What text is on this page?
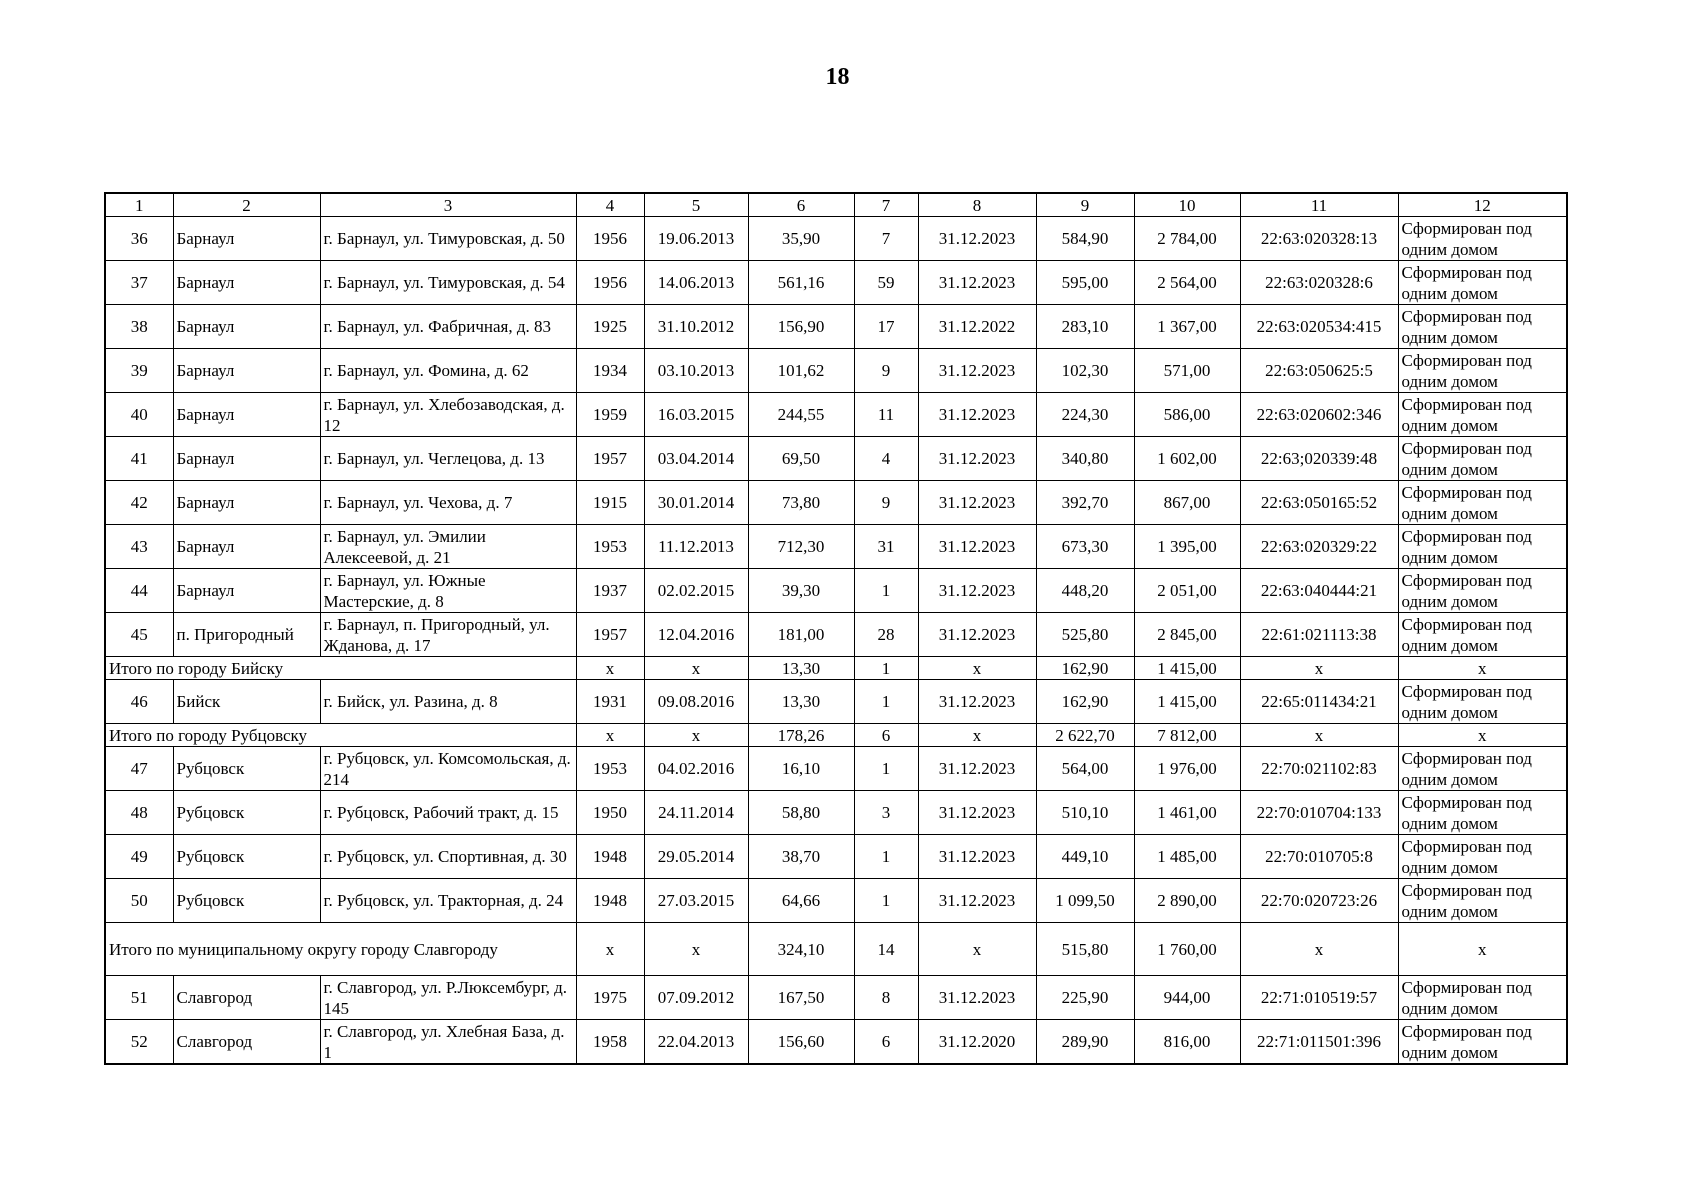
18
1	2	3	4	5	6	7	8	9	10	11	12
36	Барнаул	г. Барнаул, ул. Тимуровская, д. 50	1956	19.06.2013	35,90	7	31.12.2023	584,90	2 784,00	22:63:020328:13	Сформирован под одним домом
37	Барнаул	г. Барнаул, ул. Тимуровская, д. 54	1956	14.06.2013	561,16	59	31.12.2023	595,00	2 564,00	22:63:020328:6	Сформирован под одним домом
38	Барнаул	г. Барнаул, ул. Фабричная, д. 83	1925	31.10.2012	156,90	17	31.12.2022	283,10	1 367,00	22:63:020534:415	Сформирован под одним домом
39	Барнаул	г. Барнаул, ул. Фомина, д. 62	1934	03.10.2013	101,62	9	31.12.2023	102,30	571,00	22:63:050625:5	Сформирован под одним домом
40	Барнаул	г. Барнаул, ул. Хлебозаводская, д. 12	1959	16.03.2015	244,55	11	31.12.2023	224,30	586,00	22:63:020602:346	Сформирован под одним домом
41	Барнаул	г. Барнаул, ул. Чеглецова, д. 13	1957	03.04.2014	69,50	4	31.12.2023	340,80	1 602,00	22:63;020339:48	Сформирован под одним домом
42	Барнаул	г. Барнаул, ул. Чехова, д. 7	1915	30.01.2014	73,80	9	31.12.2023	392,70	867,00	22:63:050165:52	Сформирован под одним домом
43	Барнаул	г. Барнаул, ул. Эмилии Алексеевой, д. 21	1953	11.12.2013	712,30	31	31.12.2023	673,30	1 395,00	22:63:020329:22	Сформирован под одним домом
44	Барнаул	г. Барнаул, ул. Южные Мастерские, д. 8	1937	02.02.2015	39,30	1	31.12.2023	448,20	2 051,00	22:63:040444:21	Сформирован под одним домом
45	п. Пригородный	г. Барнаул, п. Пригородный, ул. Жданова, д. 17	1957	12.04.2016	181,00	28	31.12.2023	525,80	2 845,00	22:61:021113:38	Сформирован под одним домом
Итого по городу Бийску			х	х	13,30	1	х	162,90	1 415,00	х	х
46	Бийск	г. Бийск, ул. Разина, д. 8	1931	09.08.2016	13,30	1	31.12.2023	162,90	1 415,00	22:65:011434:21	Сформирован под одним домом
Итого по городу Рубцовску			х	х	178,26	6	х	2 622,70	7 812,00	х	х
47	Рубцовск	г. Рубцовск, ул. Комсомольская, д. 214	1953	04.02.2016	16,10	1	31.12.2023	564,00	1 976,00	22:70:021102:83	Сформирован под одним домом
48	Рубцовск	г. Рубцовск, Рабочий тракт, д. 15	1950	24.11.2014	58,80	3	31.12.2023	510,10	1 461,00	22:70:010704:133	Сформирован под одним домом
49	Рубцовск	г. Рубцовск, ул. Спортивная, д. 30	1948	29.05.2014	38,70	1	31.12.2023	449,10	1 485,00	22:70:010705:8	Сформирован под одним домом
50	Рубцовск	г. Рубцовск, ул. Тракторная, д. 24	1948	27.03.2015	64,66	1	31.12.2023	1 099,50	2 890,00	22:70:020723:26	Сформирован под одним домом
Итого по муниципальному округу городу Славгороду			х	х	324,10	14	х	515,80	1 760,00	х	х
51	Славгород	г. Славгород, ул. Р.Люксембург, д. 145	1975	07.09.2012	167,50	8	31.12.2023	225,90	944,00	22:71:010519:57	Сформирован под одним домом
52	Славгород	г. Славгород, ул. Хлебная База, д. 1	1958	22.04.2013	156,60	6	31.12.2020	289,90	816,00	22:71:011501:396	Сформирован под одним домом
